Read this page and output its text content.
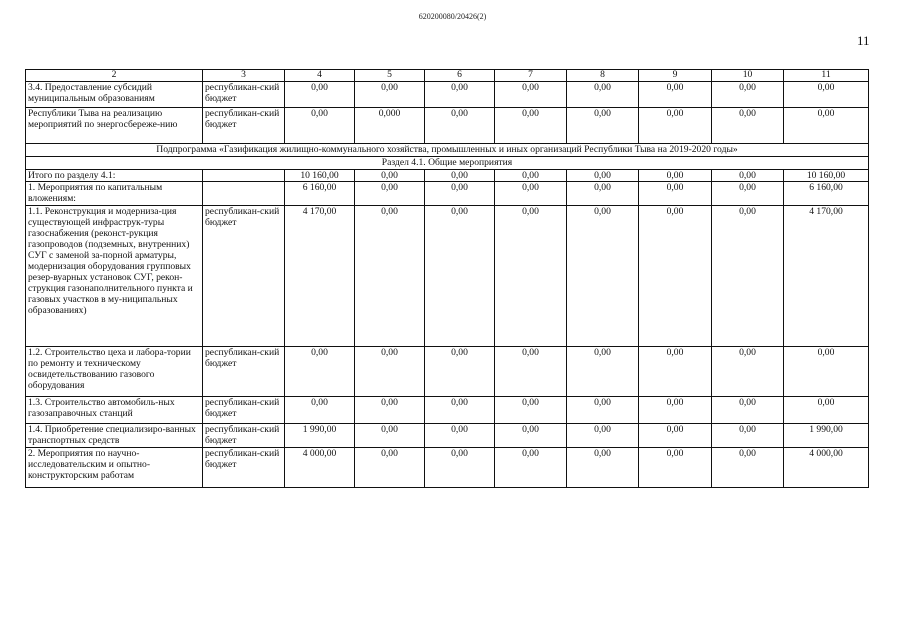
620200080/20426(2)
11
2	3	4	5	6	7	8	9	10	11
3.4. Предоставление субсидий муниципальным образованиям	республикан-ский бюджет	0,00	0,00	0,00	0,00	0,00	0,00	0,00	0,00
Республики Тыва на реализацию мероприятий по энергосбереже-нию	республикан-ский бюджет	0,00	0,000	0,00	0,00	0,00	0,00	0,00	0,00
Подпрограмма «Газификация жилищно-коммунального хозяйства, промышленных и иных организаций Республики Тыва на 2019-2020 годы»									
Раздел 4.1. Общие мероприятия									
Итого по разделу 4.1:		10 160,00	0,00	0,00	0,00	0,00	0,00	0,00	10 160,00
1. Мероприятия по капитальным вложениям:		6 160,00	0,00	0,00	0,00	0,00	0,00	0,00	6 160,00
1.1. Реконструкция и модерниза-ция существующей инфраструк-туры газоснабжения (реконст-рукция газопроводов (подземных, внутренних) СУГ с заменой за-порной арматуры, модернизация оборудования групповых резер-вуарных установок СУГ, рекон-струкция газонаполнительного пункта и газовых участков в му-ниципальных образованиях)	республикан-ский бюджет	4 170,00	0,00	0,00	0,00	0,00	0,00	0,00	4 170,00
1.2. Строительство цеха и лабора-тории по ремонту и техническому освидетельствованию газового оборудования	республикан-ский бюджет	0,00	0,00	0,00	0,00	0,00	0,00	0,00	0,00
1.3. Строительство автомобиль-ных газозаправочных станций	республикан-ский бюджет	0,00	0,00	0,00	0,00	0,00	0,00	0,00	0,00
1.4. Приобретение специализиро-ванных транспортных средств	республикан-ский бюджет	1 990,00	0,00	0,00	0,00	0,00	0,00	0,00	1 990,00
2. Мероприятия по научно-исследовательским и опытно-конструкторским работам	республикан-ский бюджет	4 000,00	0,00	0,00	0,00	0,00	0,00	0,00	4 000,00
